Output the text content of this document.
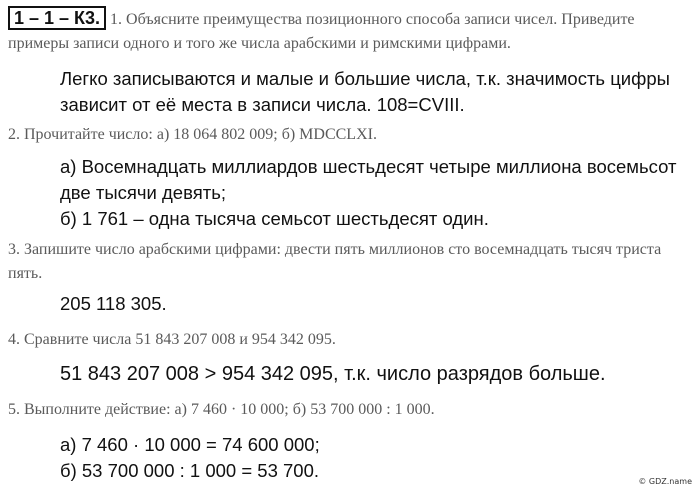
1 – 1 – К3. 1. Объясните преимущества позиционного способа записи чисел. Приведите примеры записи одного и того же числа арабскими и римскими цифрами.
Легко записываются и малые и большие числа, т.к. значимость цифры
зависит от её места в записи числа. 108=CVIII.
2. Прочитайте число: а) 18 064 802 009; б) MDCCLXI.
а) Восемнадцать миллиардов шестьдесят четыре миллиона восемьсот
две тысячи девять;
б) 1 761 – одна тысяча семьсот шестьдесят один.
3. Запишите число арабскими цифрами: двести пять миллионов сто восемнадцать тысяч триста пять.
205 118 305.
4. Сравните числа 51 843 207 008 и 954 342 095.
51 843 207 008 > 954 342 095, т.к. число разрядов больше.
5. Выполните действие: а) 7 460 · 10 000; б) 53 700 000 : 1 000.
а) 7 460 · 10 000 = 74 600 000;
б) 53 700 000 : 1 000 = 53 700.
© GDZ.name
